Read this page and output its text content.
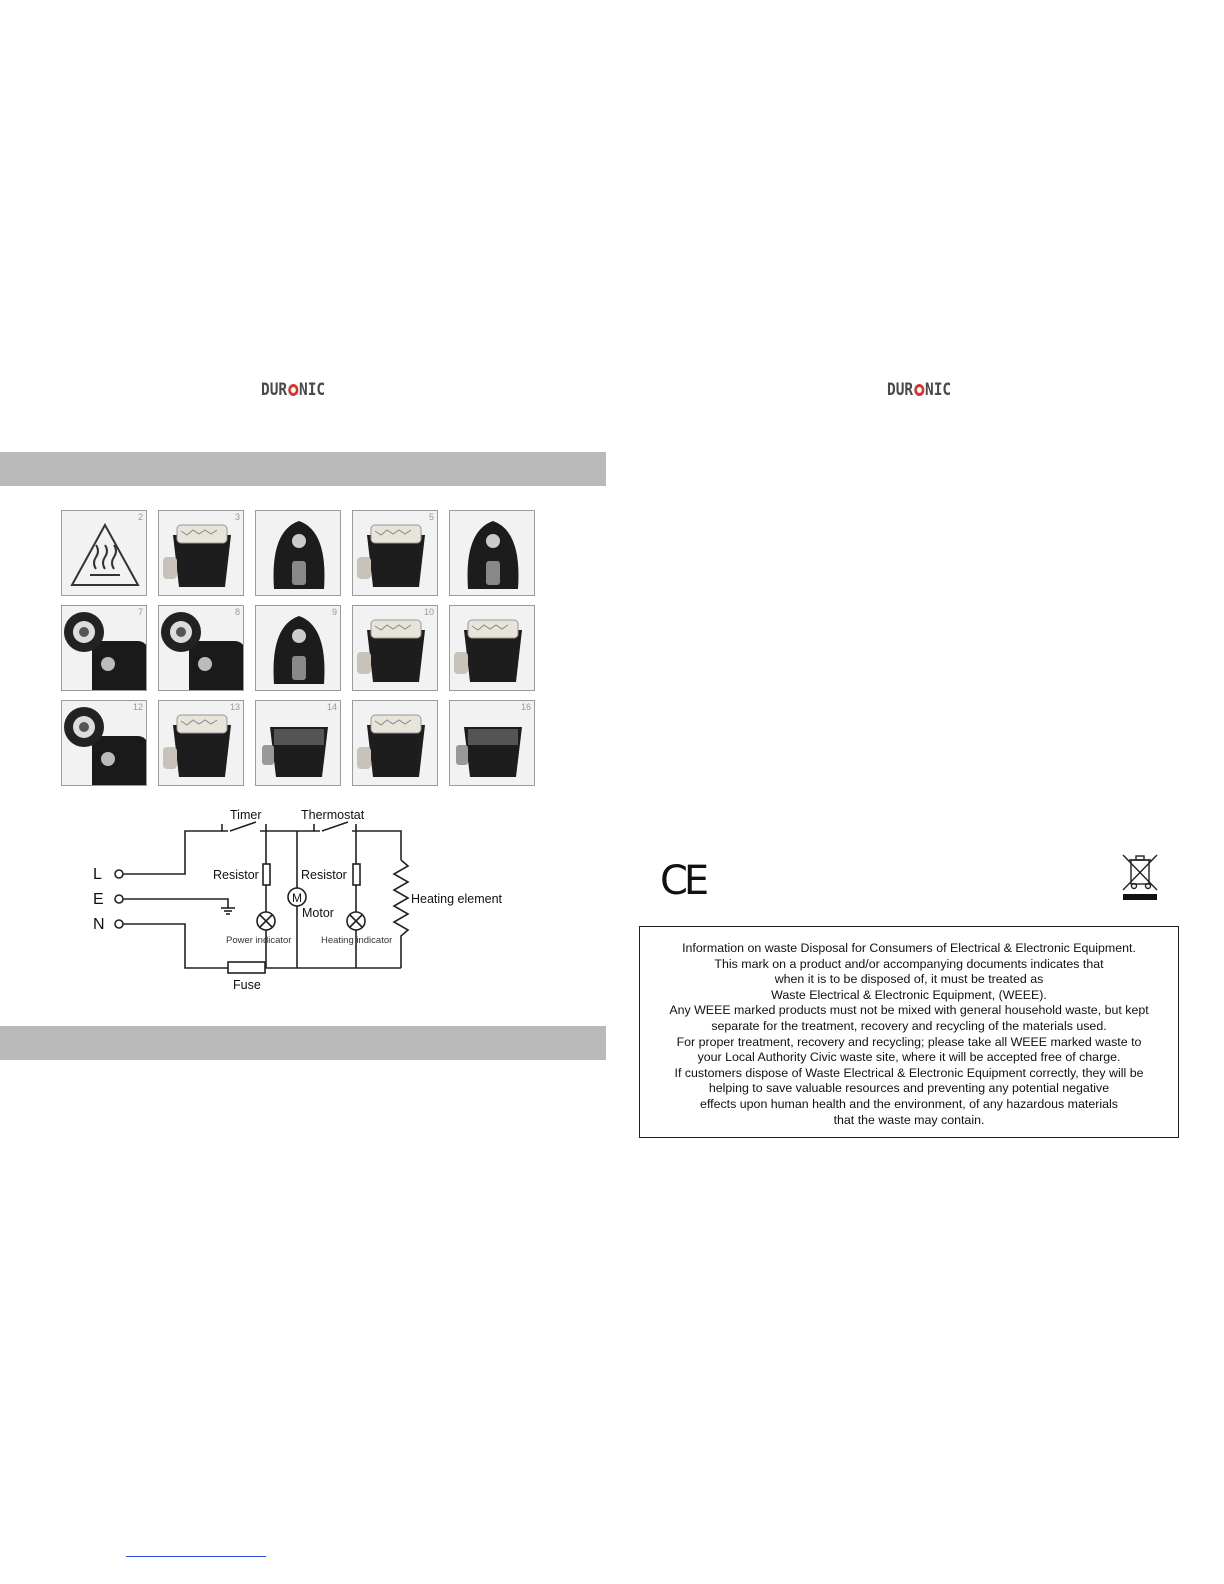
DUR NIC	DUR NIC
2	3	5
7	8	9	10
12	13	14	16
L
E
N
Timer	Thermostat
Resistor	Resistor
M
Motor
Power indicator	Heating indicator
Heating element
Fuse
CE
Information on waste Disposal for Consumers of Electrical & Electronic Equipment.
This mark on a product and/or accompanying documents indicates that
when it is to be disposed of, it must be treated as
Waste Electrical & Electronic Equipment, (WEEE).
Any WEEE marked products must not be mixed with general household waste, but kept
separate for the treatment, recovery and recycling of the materials used.
For proper treatment, recovery and recycling; please take all WEEE marked waste to
your Local Authority Civic waste site, where it will be accepted free of charge.
If customers dispose of Waste Electrical & Electronic Equipment correctly, they will be
helping to save valuable resources and preventing any potential negative
effects upon human health and the environment, of any hazardous materials
that the waste may contain.
